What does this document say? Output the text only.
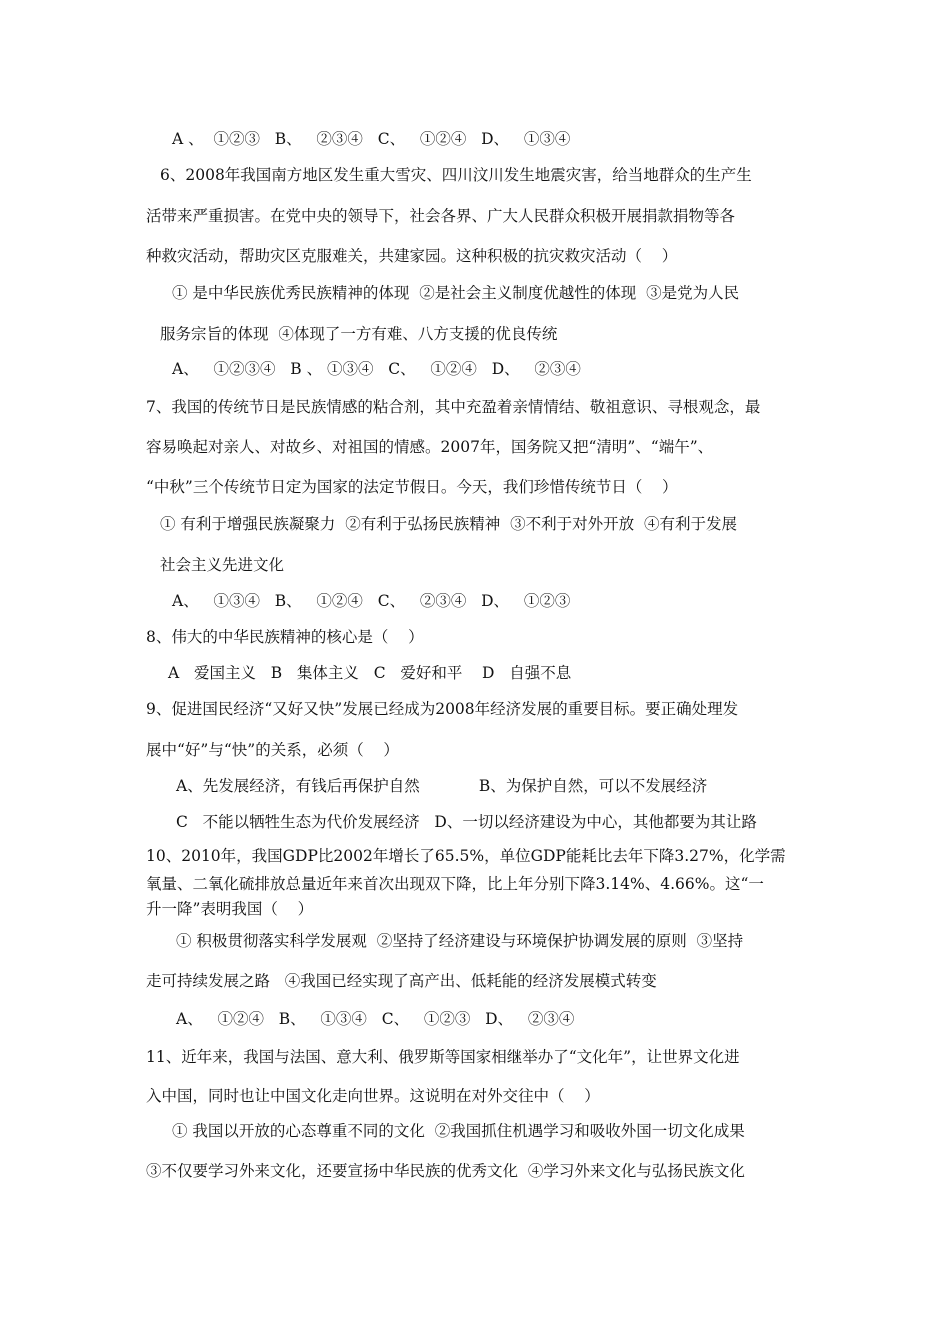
A 、  ①②③   B、   ②③④   C、   ①②④   D、   ①③④
6、2008年我国南方地区发生重大雪灾、四川汶川发生地震灾害，给当地群众的生产生
活带来严重损害。在党中央的领导下，社会各界、广大人民群众积极开展捐款捐物等各
种救灾活动，帮助灾区克服难关，共建家园。这种积极的抗灾救灾活动（    ）
① 是中华民族优秀民族精神的体现  ②是社会主义制度优越性的体现  ③是党为人民
服务宗旨的体现  ④体现了一方有难、八方支援的优良传统
A、   ①②③④   B 、 ①③④   C、   ①②④   D、   ②③④
7、我国的传统节日是民族情感的粘合剂，其中充盈着亲情情结、敬祖意识、寻根观念，最
容易唤起对亲人、对故乡、对祖国的情感。2007年，国务院又把“清明”、“端午”、
“中秋”三个传统节日定为国家的法定节假日。今天，我们珍惜传统节日（    ）
① 有利于增强民族凝聚力  ②有利于弘扬民族精神  ③不利于对外开放  ④有利于发展
社会主义先进文化
A、   ①③④   B、   ①②④   C、   ②③④   D、   ①②③
8、伟大的中华民族精神的核心是（    ）
A   爱国主义   B   集体主义   C   爱好和平    D   自强不息
9、促进国民经济“又好又快”发展已经成为2008年经济发展的重要目标。要正确处理发
展中“好”与“快”的关系，必须（    ）
A、先发展经济，有钱后再保护自然            B、为保护自然，可以不发展经济
C   不能以牺牲生态为代价发展经济   D、一切以经济建设为中心，其他都要为其让路
10、2010年，我国GDP比2002年增长了65.5%，单位GDP能耗比去年下降3.27%，化学需
氧量、二氧化硫排放总量近年来首次出现双下降，比上年分别下降3.14%、4.66%。这“一
升一降”表明我国（    ）
① 积极贯彻落实科学发展观  ②坚持了经济建设与环境保护协调发展的原则  ③坚持
走可持续发展之路   ④我国已经实现了高产出、低耗能的经济发展模式转变
A、   ①②④   B、   ①③④   C、   ①②③   D、   ②③④
11、近年来，我国与法国、意大利、俄罗斯等国家相继举办了“文化年”，让世界文化进
入中国，同时也让中国文化走向世界。这说明在对外交往中（    ）
① 我国以开放的心态尊重不同的文化  ②我国抓住机遇学习和吸收外国一切文化成果
③不仅要学习外来文化，还要宣扬中华民族的优秀文化  ④学习外来文化与弘扬民族文化
